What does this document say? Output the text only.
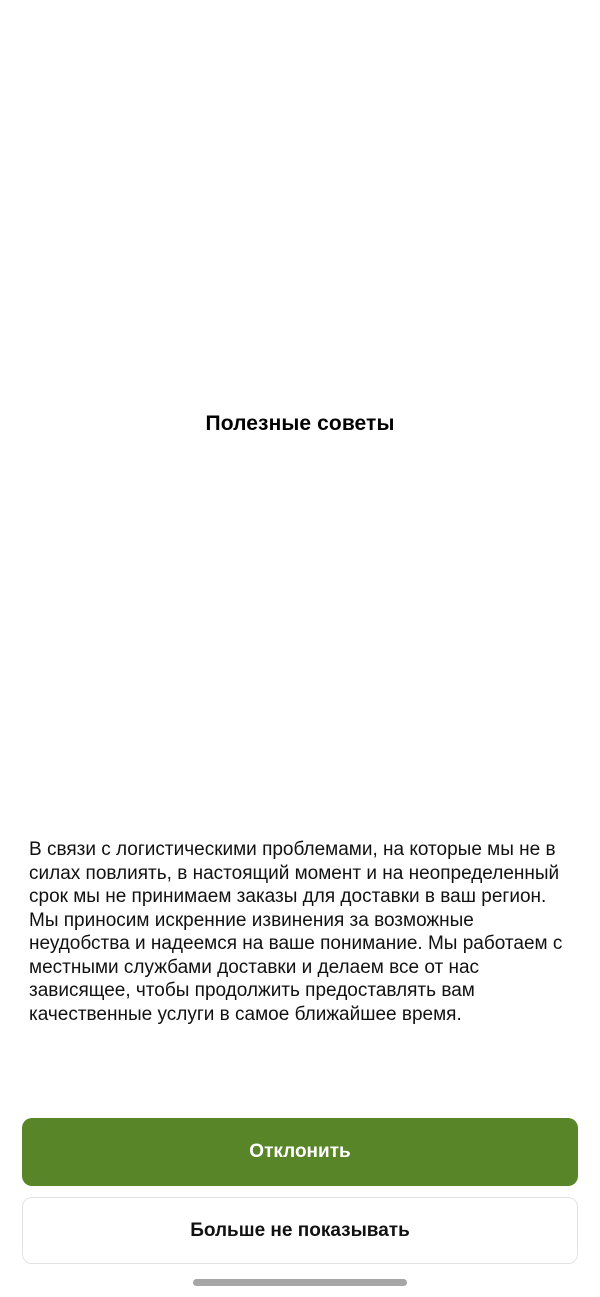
Полезные советы
В связи с логистическими проблемами, на которые мы не в силах повлиять, в настоящий момент и на неопределенный срок мы не принимаем заказы для доставки в ваш регион. Мы приносим искренние извинения за возможные неудобства и надеемся на ваше понимание. Мы работаем с местными службами доставки и делаем все от нас зависящее, чтобы продолжить предоставлять вам качественные услуги в самое ближайшее время.
Отклонить
Больше не показывать
